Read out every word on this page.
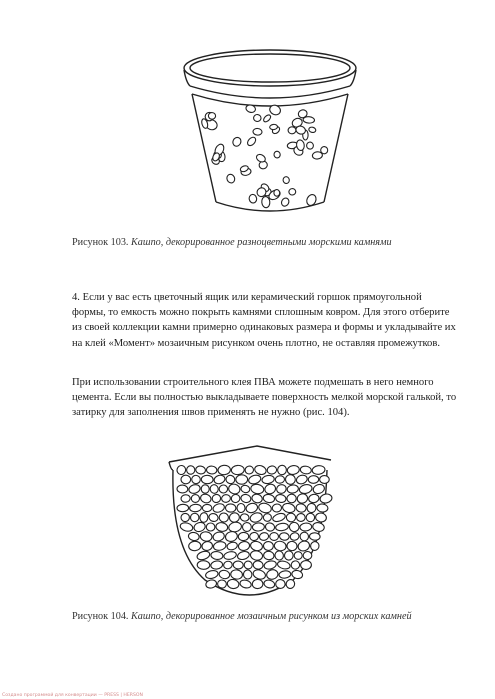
Рисунок 103. Кашпо, декорированное разноцветными морскими камнями

4. Если у вас есть цветочный ящик или керамический горшок прямоугольной формы, то емкость можно покрыть камнями сплошным ковром. Для этого отберите из своей коллекции камни примерно одинаковых размера и формы и укладывайте их на клей «Момент» мозаичным рисунком очень плотно, не оставляя промежутков.

При использовании строительного клея ПВА можете подмешать в него немного цемента. Если вы полностью выкладываете поверхность мелкой морской галькой, то затирку для заполнения швов применять не нужно (рис. 104).

Рисунок 104. Кашпо, декорированное мозаичным рисунком из морских камней
Создано программой для конвертации — PRESS | HERSON
